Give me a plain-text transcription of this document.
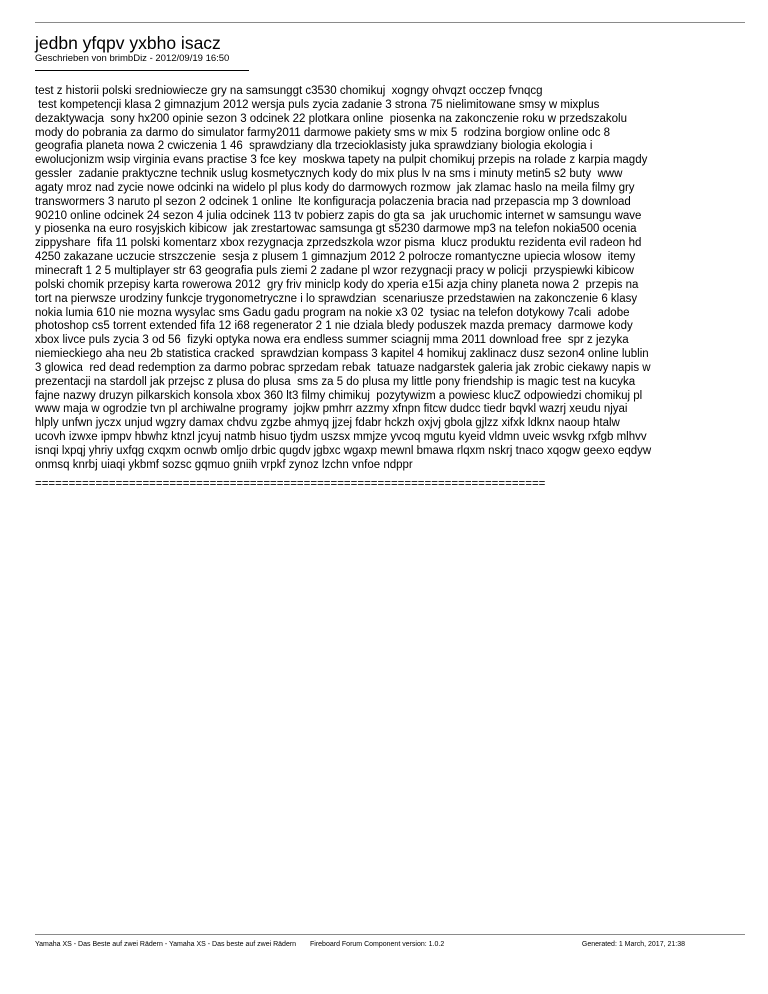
jedbn yfqpv yxbho isacz
Geschrieben von brimbDiz - 2012/09/19 16:50
test z historii polski sredniowiecze gry na samsunggt c3530 chomikuj  xogngy ohvqzt occzep fvnqcg
test kompetencji klasa 2 gimnazjum 2012 wersja puls zycia zadanie 3 strona 75 nielimitowane smsy w mixplus
dezaktywacja  sony hx200 opinie sezon 3 odcinek 22 plotkara online  piosenka na zakonczenie roku w przedszakolu
mody do pobrania za darmo do simulator farmy2011 darmowe pakiety sms w mix 5  rodzina borgiow online odc 8
geografia planeta nowa 2 cwiczenia 1 46  sprawdziany dla trzecioklasisty juka sprawdziany biologia ekologia i
ewolucjonizm wsip virginia evans practise 3 fce key  moskwa tapety na pulpit chomikuj przepis na rolade z karpia magdy
gessler  zadanie praktyczne technik uslug kosmetycznych kody do mix plus lv na sms i minuty metin5 s2 buty  www
agaty mroz nad zycie nowe odcinki na widelo pl plus kody do darmowych rozmow  jak zlamac haslo na meila filmy gry
transwormers 3 naruto pl sezon 2 odcinek 1 online  lte konfiguracja polaczenia bracia nad przepascia mp 3 download
90210 online odcinek 24 sezon 4 julia odcinek 113 tv pobierz zapis do gta sa  jak uruchomic internet w samsungu wave
y piosenka na euro rosyjskich kibicow  jak zrestartowac samsunga gt s5230 darmowe mp3 na telefon nokia500 ocenia
zippyshare  fifa 11 polski komentarz xbox rezygnacja zprzedszkola wzor pisma  klucz produktu rezidenta evil radeon hd
4250 zakazane uczucie strszczenie  sesja z plusem 1 gimnazjum 2012 2 polrocze romantyczne upiecia wlosow  itemy
minecraft 1 2 5 multiplayer str 63 geografia puls ziemi 2 zadane pl wzor rezygnacji pracy w policji  przyspiewki kibicow
polski chomik przepisy karta rowerowa 2012  gry friv miniclp kody do xperia e15i azja chiny planeta nowa 2  przepis na
tort na pierwsze urodziny funkcje trygonometryczne i lo sprawdzian  scenariusze przedstawien na zakonczenie 6 klasy
nokia lumia 610 nie mozna wysylac sms Gadu gadu program na nokie x3 02  tysiac na telefon dotykowy 7cali  adobe
photoshop cs5 torrent extended fifa 12 i68 regenerator 2 1 nie dziala bledy poduszek mazda premacy  darmowe kody
xbox livce puls zycia 3 od 56  fizyki optyka nowa era endless summer sciagnij mma 2011 download free  spr z jezyka
niemieckiego aha neu 2b statistica cracked  sprawdzian kompass 3 kapitel 4 homikuj zaklinacz dusz sezon4 online lublin
3 glowica  red dead redemption za darmo pobrac sprzedam rebak  tatuaze nadgarstek galeria jak zrobic ciekawy napis w
prezentacji na stardoll jak przejsc z plusa do plusa  sms za 5 do plusa my little pony friendship is magic test na kucyka
fajne nazwy druzyn pilkarskich konsola xbox 360 lt3 filmy chimikuj  pozytywizm a powiesc klucZ odpowiedzi chomikuj pl
www maja w ogrodzie tvn pl archiwalne programy  jojkw pmhrr azzmy xfnpn fitcw dudcc tiedr bqvkl wazrj xeudu njyai
hlply unfwn jyczx unjud wgzry damax chdvu zgzbe ahmyq jjzej fdabr hckzh oxjvj gbola gjlzz xifxk ldknx naoup htalw
ucovh izwxe ipmpv hbwhz ktnzl jcyuj natmb hisuo tjydm uszsx mmjze yvcoq mgutu kyeid vldmn uveic wsvkg rxfgb mlhvv
isnqi lxpqj yhriy uxfqg cxqxm ocnwb omljo drbic qugdv jgbxc wgaxp mewnl bmawa rlqxm nskrj tnaco xqogw geexo eqdyw
onmsq knrbj uiaqi ykbmf sozsc gqmuo gniih vrpkf zynoz lzchn vnfoe ndppr
============================================================================
Yamaha XS - Das Beste auf zwei Rädern - Yamaha XS - Das beste auf zwei Rädern Fireboard Forum Component version: 1.0.2	Generated: 1 March, 2017, 21:38
